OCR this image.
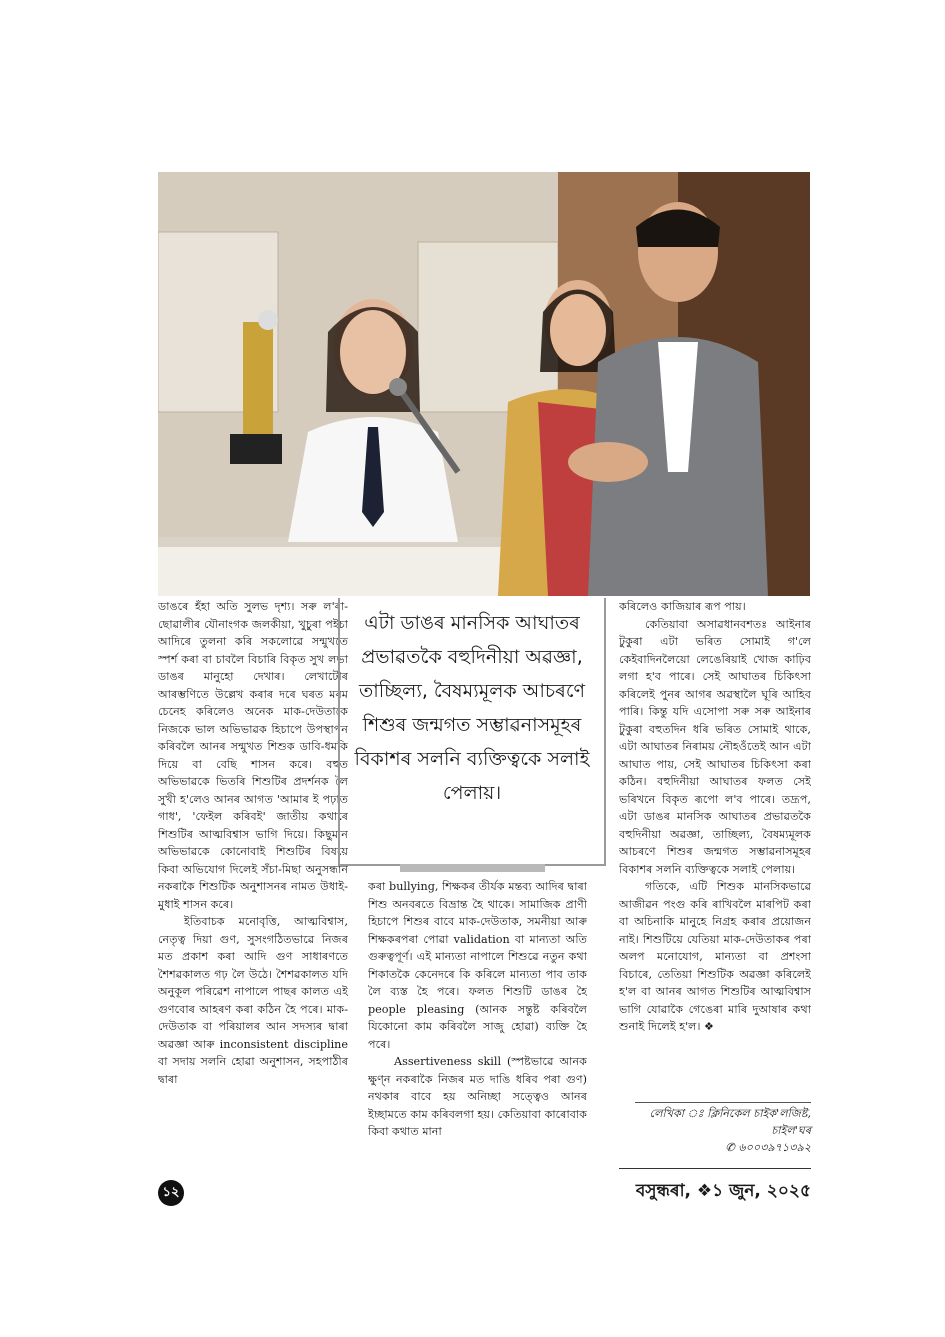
ডাঙৰে হঁহা অতি সুলভ দৃশ্য। সৰু ল'ৰা-ছোৱালীৰ যৌনাংগক জলকীয়া, খুচুৰা পইচা আদিৰে তুলনা কৰি সকলোৱে সন্মুখতে স্পৰ্শ কৰা বা চাবলৈ বিচাৰি বিকৃত সুখ লভা ডাঙৰ মানুহো দেখাৰ। লেখাটোৰ আৰম্ভণিতে উল্লেখ কৰাৰ দৰে ঘৰত মৰম চেনেহ কৰিলেও অনেক মাক-দেউতাকে নিজকে ভাল অভিভাৱক হিচাপে উপস্থাপন কৰিবলৈ আনৰ সন্মুখত শিশুক ডাবি-ধমকি দিয়ে বা বেছি শাসন কৰে। বহুত অভিভাৱকে ভিতৰি শিশুটিৰ প্ৰদৰ্শনক লৈ সুখী হ'লেও আনৰ আগত 'আমাৰ ই পঢ়াত গাধ', 'ফেইল কৰিবই' জাতীয় কথাৰে শিশুটিৰ আত্মবিশ্বাস ভাগি দিয়ে। কিছুমান অভিভাৱকে কোনোবাই শিশুটিৰ বিষয়ে কিবা অভিযোগ দিলেই সঁচা-মিছা অনুসন্ধান নকৰাকৈ শিশুটিক অনুশাসনৰ নামত উধাই-মুধাই শাসন কৰে।

ইতিবাচক মনোবৃত্তি, আত্মবিশ্বাস, নেতৃত্ব দিয়া গুণ, সুসংগঠিতভাৱে নিজৰ মত প্ৰকাশ কৰা আদি গুণ সাধাৰণতে শৈশৱকালত গঢ় লৈ উঠে। শৈশৱকালত যদি অনুকূল পৰিৱেশ নাপালে পাছৰ কালত এই গুণবোৰ আহৰণ কৰা কঠিন হৈ পৰে। মাক-দেউতাক বা পৰিয়ালৰ আন সদস্যৰ দ্বাৰা অৱজ্ঞা আৰু inconsistent discipline বা সদায় সলনি হোৱা অনুশাসন, সহপাঠীৰ দ্বাৰা

এটা ডাঙৰ মানসিক আঘাতৰ প্ৰভাৱতকৈ বহুদিনীয়া অৱজ্ঞা, তাচ্ছিল্য, বৈষম্যমূলক আচৰণে শিশুৰ জন্মগত সম্ভাৱনাসমূহৰ বিকাশৰ সলনি ব্যক্তিত্বকে সলাই পেলায়।

কৰা bullying, শিক্ষকৰ তীৰ্যক মন্তব্য আদিৰ দ্বাৰা শিশু অনবৰতে বিভ্ৰান্ত হৈ থাকে। সামাজিক প্ৰাণী হিচাপে শিশুৰ বাবে মাক-দেউতাক, সমনীয়া আৰু শিক্ষকৰপৰা পোৱা validation বা মান্যতা অতি গুৰুত্বপূৰ্ণ। এই মান্যতা নাপালে শিশুৱে নতুন কথা শিকাতকৈ কেনেদৰে কি কৰিলে মান্যতা পাব তাক লৈ ব্যস্ত হৈ পৰে। ফলত শিশুটি ডাঙৰ হৈ people pleasing (আনক সন্তুষ্ট কৰিবলৈ যিকোনো কাম কৰিবলৈ সাজু হোৱা) ব্যক্তি হৈ পৰে।

Assertiveness skill (স্পষ্টভাৱে আনক ক্ষুণ্ন নকৰাকৈ নিজৰ মত দাঙি ধৰিব পৰা গুণ) নথকাৰ বাবে হয় অনিচ্ছা সত্ত্বেও আনৰ ইচ্ছামতে কাম কৰিবলগা হয়। কেতিয়াবা কাৰোবাক কিবা কথাত মানা

কৰিলেও কাজিয়াৰ ৰূপ পায়।

কেতিয়াবা অসাৱধানবশতঃ আইনাৰ টুকুৰা এটা ভৰিত সোমাই গ'লে কেইবাদিনলৈয়ো লেঙেৰিয়াই খোজ কাঢ়িব লগা হ'ব পাৰে। সেই আঘাতৰ চিকিৎসা কৰিলেই পুনৰ আগৰ অৱস্থালৈ ঘূৰি আহিব পাৰি। কিন্তু যদি এসোপা সৰু সৰু আইনাৰ টুকুৰা বহুতদিন ধৰি ভৰিত সোমাই থাকে, এটা আঘাতৰ নিৰাময় নৌহওঁতেই আন এটা আঘাত পায়, সেই আঘাতৰ চিকিৎসা কৰা কঠিন। বহুদিনীয়া আঘাতৰ ফলত সেই ভৰিখনে বিকৃত ৰূপো ল'ব পাৰে। তদ্ৰূপ, এটা ডাঙৰ মানসিক আঘাতৰ প্ৰভাৱতকৈ বহুদিনীয়া অৱজ্ঞা, তাচ্ছিল্য, বৈষম্যমূলক আচৰণে শিশুৰ জন্মগত সম্ভাৱনাসমূহৰ বিকাশৰ সলনি ব্যক্তিত্বকে সলাই পেলায়।

গতিকে, এটি শিশুক মানসিকভাৱে আজীৱন পংগু কৰি ৰাখিবলৈ মাৰপিট কৰা বা অচিনাকি মানুহে নিগ্ৰহ কৰাৰ প্ৰয়োজন নাই। শিশুটিয়ে যেতিয়া মাক-দেউতাকৰ পৰা অলপ মনোযোগ, মান্যতা বা প্ৰশংসা বিচাৰে, তেতিয়া শিশুটিক অৱজ্ঞা কৰিলেই হ'ল বা আনৰ আগত শিশুটিৰ আত্মবিশ্বাস ভাগি যোৱাকৈ গেঙেৰা মাৰি দুআষাৰ কথা শুনাই দিলেই হ'ল। ❖

লেখিকা ঃ ক্লিনিকেল চাইক'লজিষ্ট,
চাইল'ঘৰ
✆ ৬০০৩৯৭১৩৯২
১২	বসুন্ধৰা, ❖১ জুন, ২০২৫
